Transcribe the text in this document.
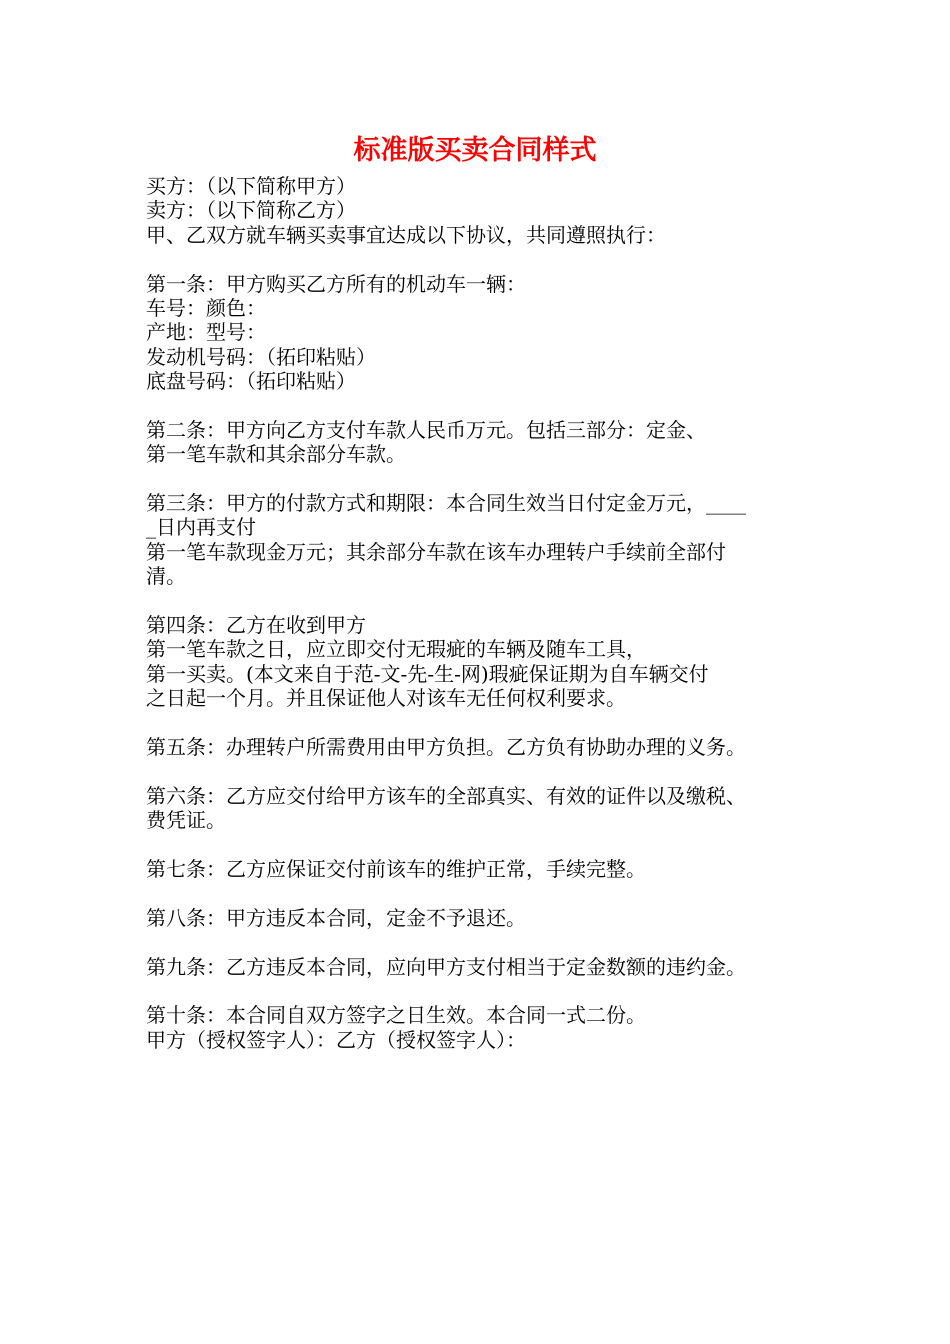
标准版买卖合同样式
买方：（以下简称甲方）
卖方：（以下简称乙方）
甲、乙双方就车辆买卖事宜达成以下协议，共同遵照执行：
第一条：甲方购买乙方所有的机动车一辆：
车号：颜色：
产地：型号：
发动机号码：（拓印粘贴）
底盘号码：（拓印粘贴）
第二条：甲方向乙方支付车款人民币万元。包括三部分：定金、
第一笔车款和其余部分车款。
第三条：甲方的付款方式和期限：本合同生效当日付定金万元，____
_日内再支付
第一笔车款现金万元；其余部分车款在该车办理转户手续前全部付
清。
第四条：乙方在收到甲方
第一笔车款之日，应立即交付无瑕疵的车辆及随车工具，
第一买卖。(本文来自于范-文-先-生-网)瑕疵保证期为自车辆交付
之日起一个月。并且保证他人对该车无任何权利要求。
第五条：办理转户所需费用由甲方负担。乙方负有协助办理的义务。
第六条：乙方应交付给甲方该车的全部真实、有效的证件以及缴税、
费凭证。
第七条：乙方应保证交付前该车的维护正常，手续完整。
第八条：甲方违反本合同，定金不予退还。
第九条：乙方违反本合同，应向甲方支付相当于定金数额的违约金。
第十条：本合同自双方签字之日生效。本合同一式二份。
甲方（授权签字人）：乙方（授权签字人）：
